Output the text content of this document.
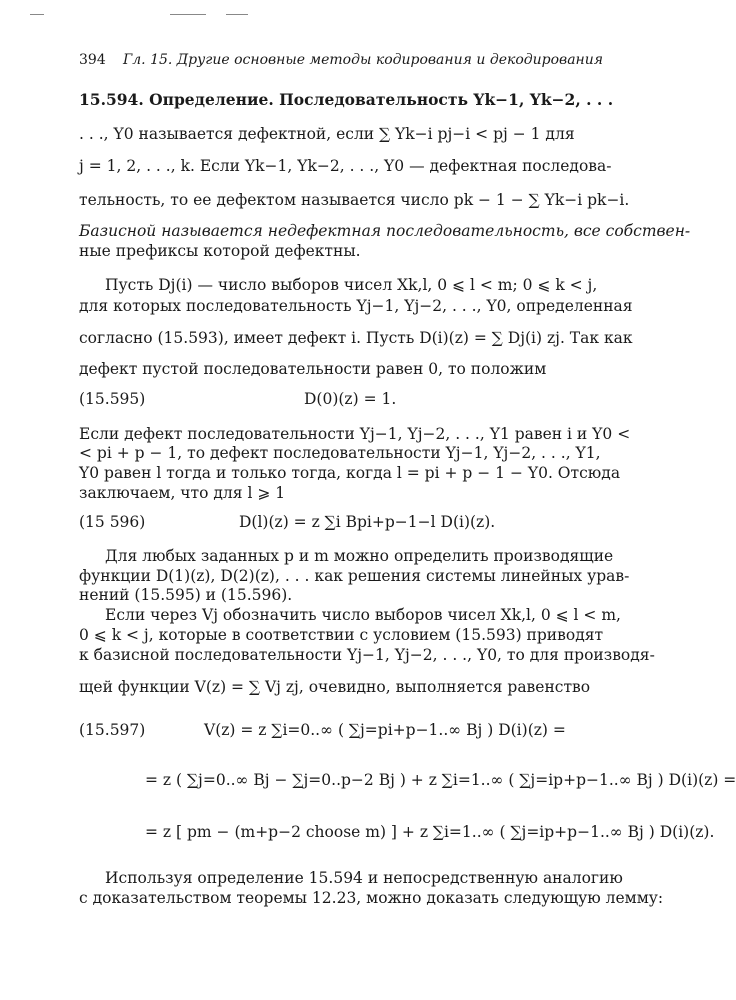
394 Гл. 15. Другие основные методы кодирования и декодирования
15.594. Определение. Последовательность Yk−1, Yk−2, . . .
. . ., Y0 называется дефектной, если ∑ Yk−i pj−i < pj − 1 для
j = 1, 2, . . ., k. Если Yk−1, Yk−2, . . ., Y0 — дефектная последова-
тельность, то ее дефектом называется число pk − 1 − ∑ Yk−i pk−i.
Базисной называется недефектная последовательность, все собствен-
ные префиксы которой дефектны.
Пусть Dj(i) — число выборов чисел Xk,l, 0 ⩽ l < m; 0 ⩽ k < j,
для которых последовательность Yj−1, Yj−2, . . ., Y0, определенная
согласно (15.593), имеет дефект i. Пусть D(i)(z) = ∑ Dj(i) zj. Так как
дефект пустой последовательности равен 0, то положим
(15.595)	D(0)(z) = 1.
Если дефект последовательности Yj−1, Yj−2, . . ., Y1 равен i и Y0 <
< pi + p − 1, то дефект последовательности Yj−1, Yj−2, . . ., Y1,
Y0 равен l тогда и только тогда, когда l = pi + p − 1 − Y0. Отсюда
заключаем, что для l ⩾ 1
(15 596)	D(l)(z) = z ∑i Bpi+p−1−l D(i)(z).
Для любых заданных p и m можно определить производящие
функции D(1)(z), D(2)(z), . . . как решения системы линейных урав-
нений (15.595) и (15.596).
Если через Vj обозначить число выборов чисел Xk,l, 0 ⩽ l < m,
0 ⩽ k < j, которые в соответствии с условием (15.593) приводят
к базисной последовательности Yj−1, Yj−2, . . ., Y0, то для производя-
щей функции V(z) = ∑ Vj zj, очевидно, выполняется равенство
(15.597)	V(z) = z ∑i=0..∞ ( ∑j=pi+p−1..∞ Bj ) D(i)(z) =
= z ( ∑j=0..∞ Bj − ∑j=0..p−2 Bj ) + z ∑i=1..∞ ( ∑j=ip+p−1..∞ Bj ) D(i)(z) =
= z [ pm − (m+p−2 choose m) ] + z ∑i=1..∞ ( ∑j=ip+p−1..∞ Bj ) D(i)(z).
Используя определение 15.594 и непосредственную аналогию
с доказательством теоремы 12.23, можно доказать следующую лемму:
